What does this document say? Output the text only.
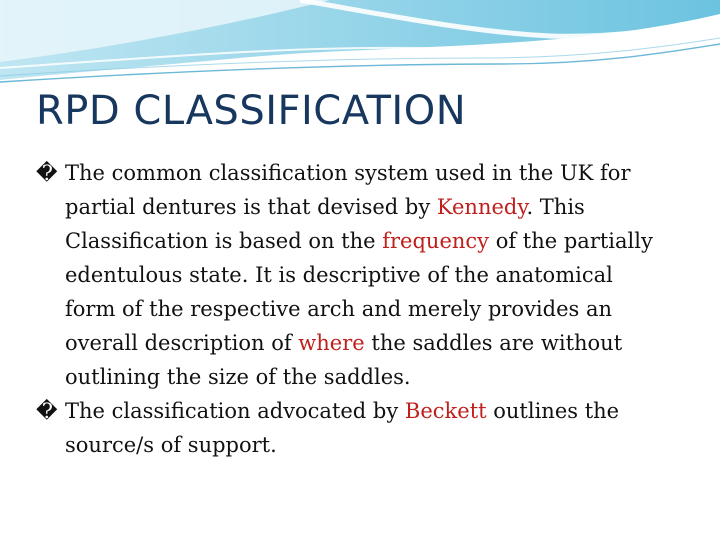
RPD CLASSIFICATION
� The common classification system used in the UK for
partial dentures is that devised by Kennedy. This
Classification is based on the frequency of the partially
edentulous state. It is descriptive of the anatomical
form of the respective arch and merely provides an
overall description of where the saddles are without
outlining the size of the saddles.
� The classification advocated by Beckett outlines the
source/s of support.
